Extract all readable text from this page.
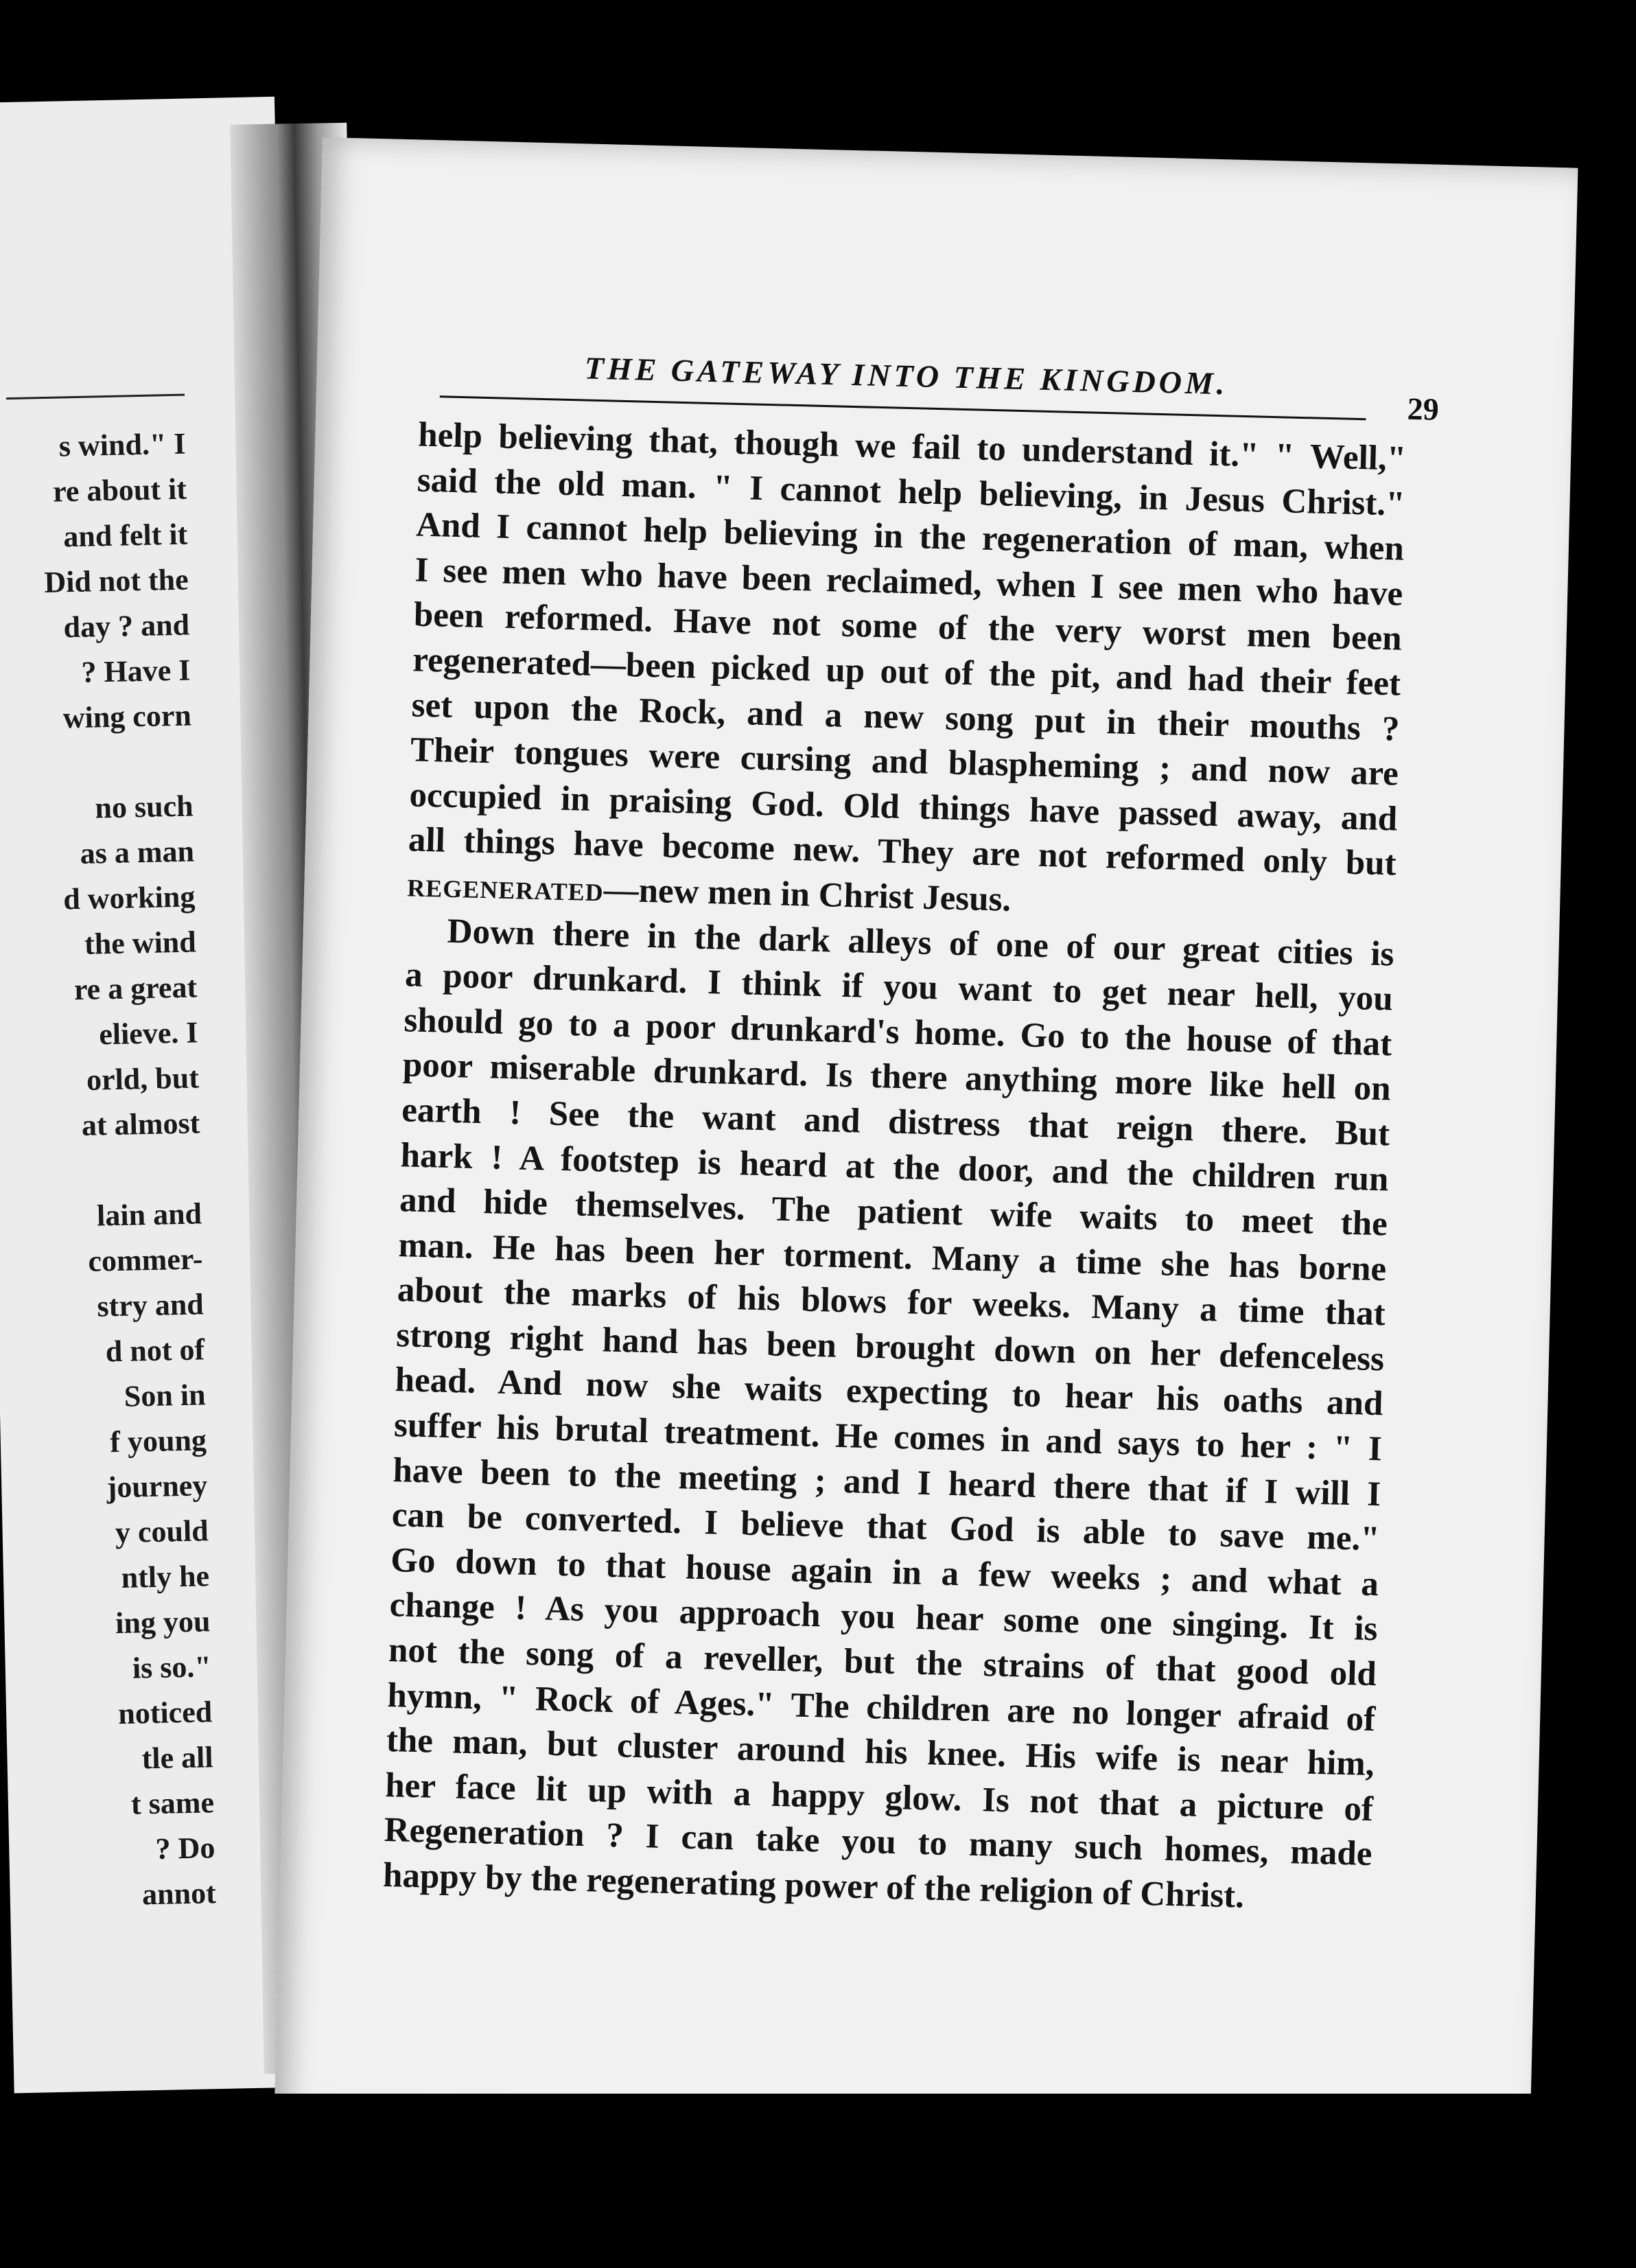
s wind." I
re about it
and felt it
Did not the
day ? and
? Have I
wing corn
no such
as a man
d working
the wind
re a great
elieve. I
orld, but
at almost
lain and
commer-
stry and
d not of
Son in
f young
journey
y could
ntly he
ing you
is so."
noticed
tle all
t same
? Do
annot
THE GATEWAY INTO THE KINGDOM.
29
help believing that, though we fail to understand it." " Well,"
said the old man. " I cannot help believing, in Jesus Christ."
And I cannot help believing in the regeneration of man, when
I see men who have been reclaimed, when I see men who have
been reformed. Have not some of the very worst men been
regenerated—been picked up out of the pit, and had their feet
set upon the Rock, and a new song put in their mouths ?
Their tongues were cursing and blaspheming ; and now are
occupied in praising God. Old things have passed away, and
all things have become new. They are not reformed only but
REGENERATED—new men in Christ Jesus.
Down there in the dark alleys of one of our great cities is
a poor drunkard. I think if you want to get near hell, you
should go to a poor drunkard's home. Go to the house of that
poor miserable drunkard. Is there anything more like hell on
earth ! See the want and distress that reign there. But
hark ! A footstep is heard at the door, and the children run
and hide themselves. The patient wife waits to meet the
man. He has been her torment. Many a time she has borne
about the marks of his blows for weeks. Many a time that
strong right hand has been brought down on her defenceless
head. And now she waits expecting to hear his oaths and
suffer his brutal treatment. He comes in and says to her : " I
have been to the meeting ; and I heard there that if I will I
can be converted. I believe that God is able to save me."
Go down to that house again in a few weeks ; and what a
change ! As you approach you hear some one singing. It is
not the song of a reveller, but the strains of that good old
hymn, " Rock of Ages." The children are no longer afraid of
the man, but cluster around his knee. His wife is near him,
her face lit up with a happy glow. Is not that a picture of
Regeneration ? I can take you to many such homes, made
happy by the regenerating power of the religion of Christ.
